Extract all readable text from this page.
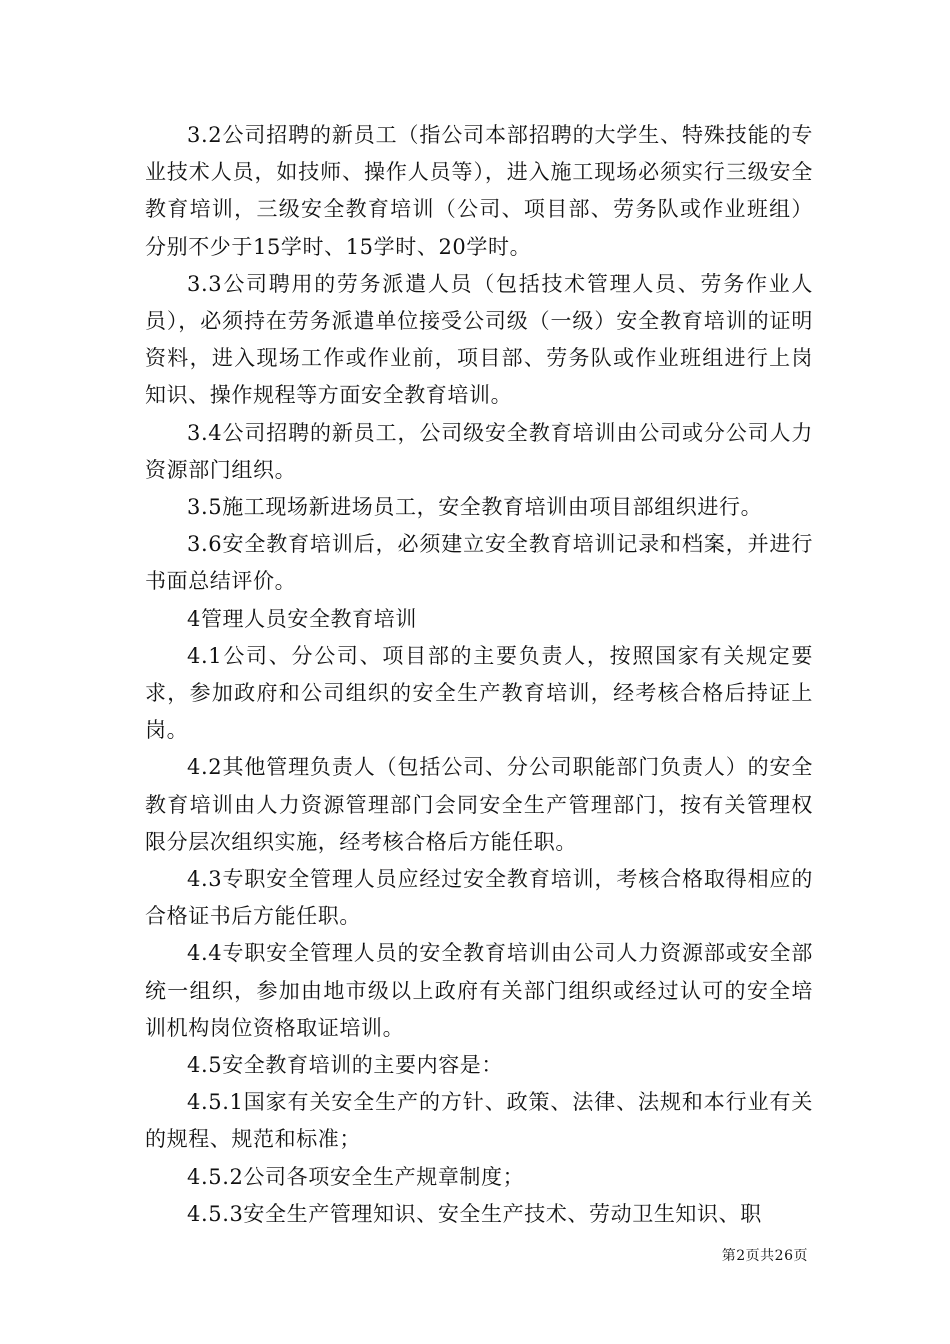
3.2公司招聘的新员工（指公司本部招聘的大学生、特殊技能的专业技术人员，如技师、操作人员等），进入施工现场必须实行三级安全教育培训，三级安全教育培训（公司、项目部、劳务队或作业班组）分别不少于15学时、15学时、20学时。

3.3公司聘用的劳务派遣人员（包括技术管理人员、劳务作业人员），必须持在劳务派遣单位接受公司级（一级）安全教育培训的证明资料，进入现场工作或作业前，项目部、劳务队或作业班组进行上岗知识、操作规程等方面安全教育培训。

3.4公司招聘的新员工，公司级安全教育培训由公司或分公司人力资源部门组织。

3.5施工现场新进场员工，安全教育培训由项目部组织进行。

3.6安全教育培训后，必须建立安全教育培训记录和档案，并进行书面总结评价。

4管理人员安全教育培训

4.1公司、分公司、项目部的主要负责人，按照国家有关规定要求，参加政府和公司组织的安全生产教育培训，经考核合格后持证上岗。

4.2其他管理负责人（包括公司、分公司职能部门负责人）的安全教育培训由人力资源管理部门会同安全生产管理部门，按有关管理权限分层次组织实施，经考核合格后方能任职。

4.3专职安全管理人员应经过安全教育培训，考核合格取得相应的合格证书后方能任职。

4.4专职安全管理人员的安全教育培训由公司人力资源部或安全部统一组织，参加由地市级以上政府有关部门组织或经过认可的安全培训机构岗位资格取证培训。

4.5安全教育培训的主要内容是：

4.5.1国家有关安全生产的方针、政策、法律、法规和本行业有关的规程、规范和标准；

4.5.2公司各项安全生产规章制度；

4.5.3安全生产管理知识、安全生产技术、劳动卫生知识、职

第2页共26页
